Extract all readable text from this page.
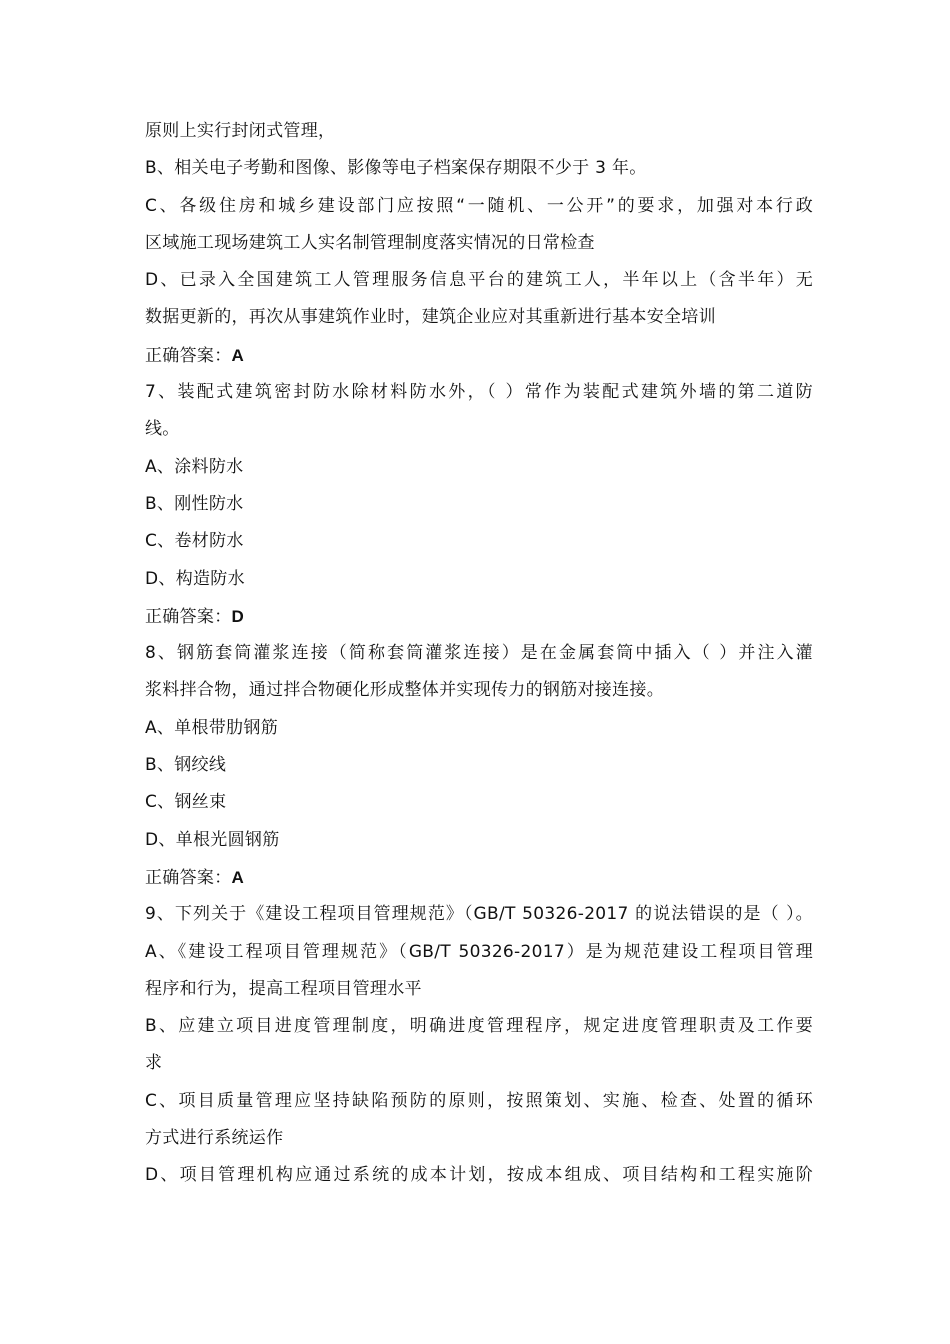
原则上实行封闭式管理，
B、相关电子考勤和图像、影像等电子档案保存期限不少于 3 年。
C、各级住房和城乡建设部门应按照“一随机、一公开”的要求，加强对本行政
区域施工现场建筑工人实名制管理制度落实情况的日常检查
D、已录入全国建筑工人管理服务信息平台的建筑工人，半年以上（含半年）无
数据更新的，再次从事建筑作业时，建筑企业应对其重新进行基本安全培训
正确答案：A
7、装配式建筑密封防水除材料防水外，（ ）常作为装配式建筑外墙的第二道防
线。
A、涂料防水
B、刚性防水
C、卷材防水
D、构造防水
正确答案：D
8、钢筋套筒灌浆连接（简称套筒灌浆连接）是在金属套筒中插入（ ）并注入灌
浆料拌合物，通过拌合物硬化形成整体并实现传力的钢筋对接连接。
A、单根带肋钢筋
B、钢绞线
C、钢丝束
D、单根光圆钢筋
正确答案：A
9、下列关于《建设工程项目管理规范》（GB/T 50326-2017 的说法错误的是（ ）。
A、《建设工程项目管理规范》（GB/T 50326-2017）是为规范建设工程项目管理
程序和行为，提高工程项目管理水平
B、应建立项目进度管理制度，明确进度管理程序，规定进度管理职责及工作要
求
C、项目质量管理应坚持缺陷预防的原则，按照策划、实施、检查、处置的循环
方式进行系统运作
D、项目管理机构应通过系统的成本计划，按成本组成、项目结构和工程实施阶
